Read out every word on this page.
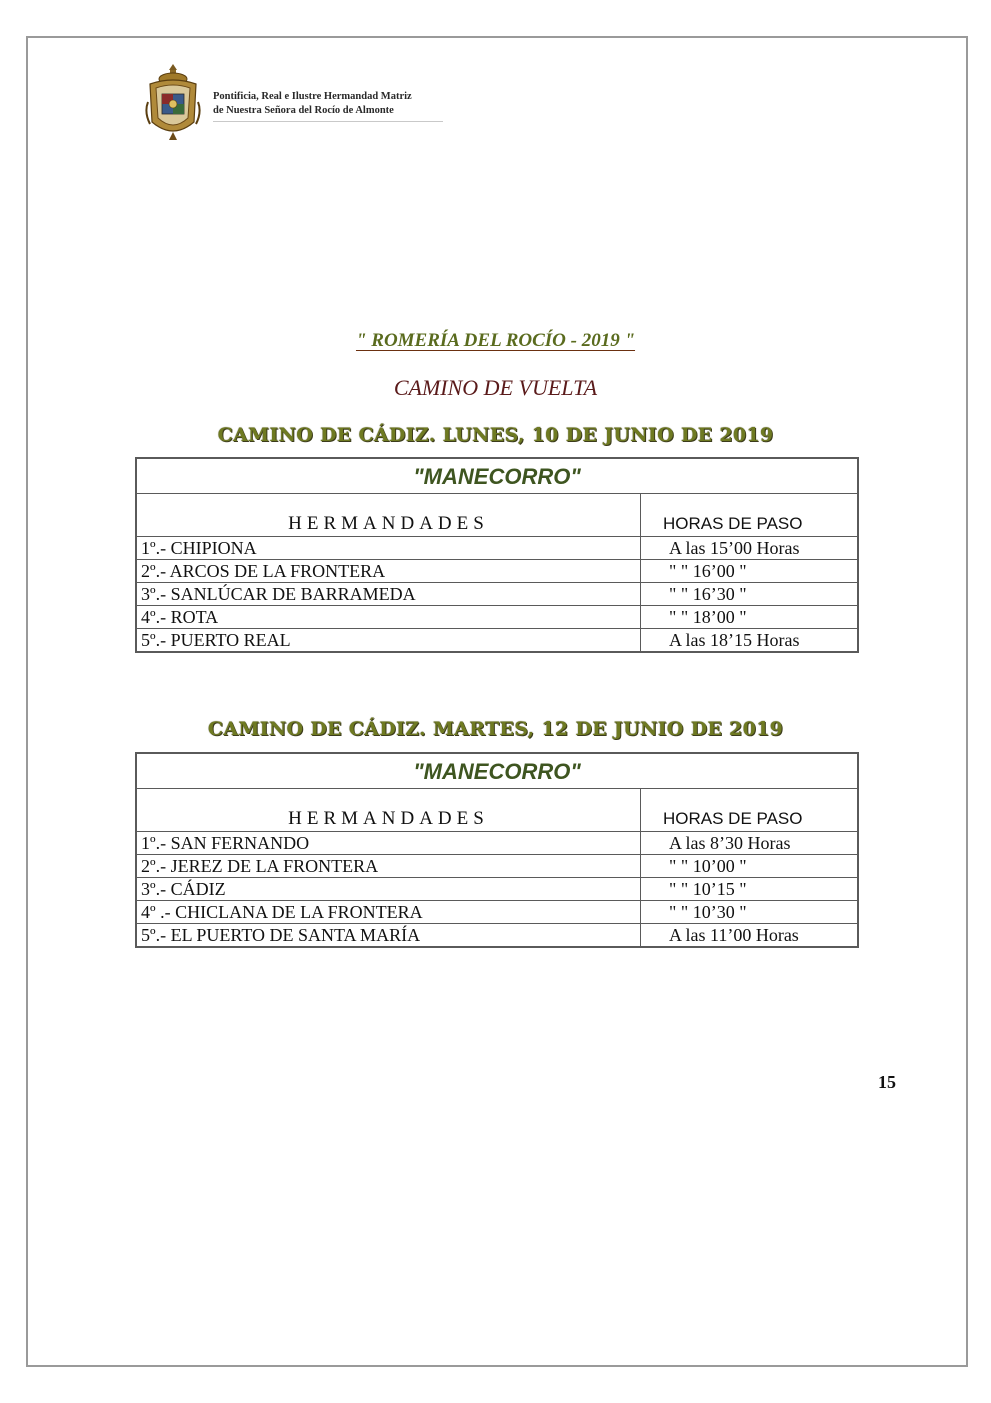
Pontificia, Real e Ilustre Hermandad Matriz
de Nuestra Señora del Rocío de Almonte
" ROMERÍA DEL ROCÍO - 2019 "
CAMINO DE VUELTA
CAMINO DE CÁDIZ. LUNES, 10 DE JUNIO DE 2019
"MANECORRO"	

HERMANDADES	HORAS DE PASO

1º.- CHIPIONA	A las 15’00 Horas
2º.- ARCOS DE LA FRONTERA	" " 16’00 "
3º.- SANLÚCAR DE BARRAMEDA	" " 16’30 "
4º.- ROTA	" " 18’00 "
5º.- PUERTO REAL	A las 18’15 Horas
CAMINO DE CÁDIZ. MARTES, 12 DE JUNIO DE 2019
"MANECORRO"	

HERMANDADES	HORAS DE PASO

1º.- SAN FERNANDO	A las 8’30 Horas
2º.- JEREZ DE LA FRONTERA	" " 10’00 "
3º.- CÁDIZ	" " 10’15 "
4º .- CHICLANA DE LA FRONTERA	" " 10’30 "
5º.- EL PUERTO DE SANTA MARÍA	A las 11’00 Horas
15
